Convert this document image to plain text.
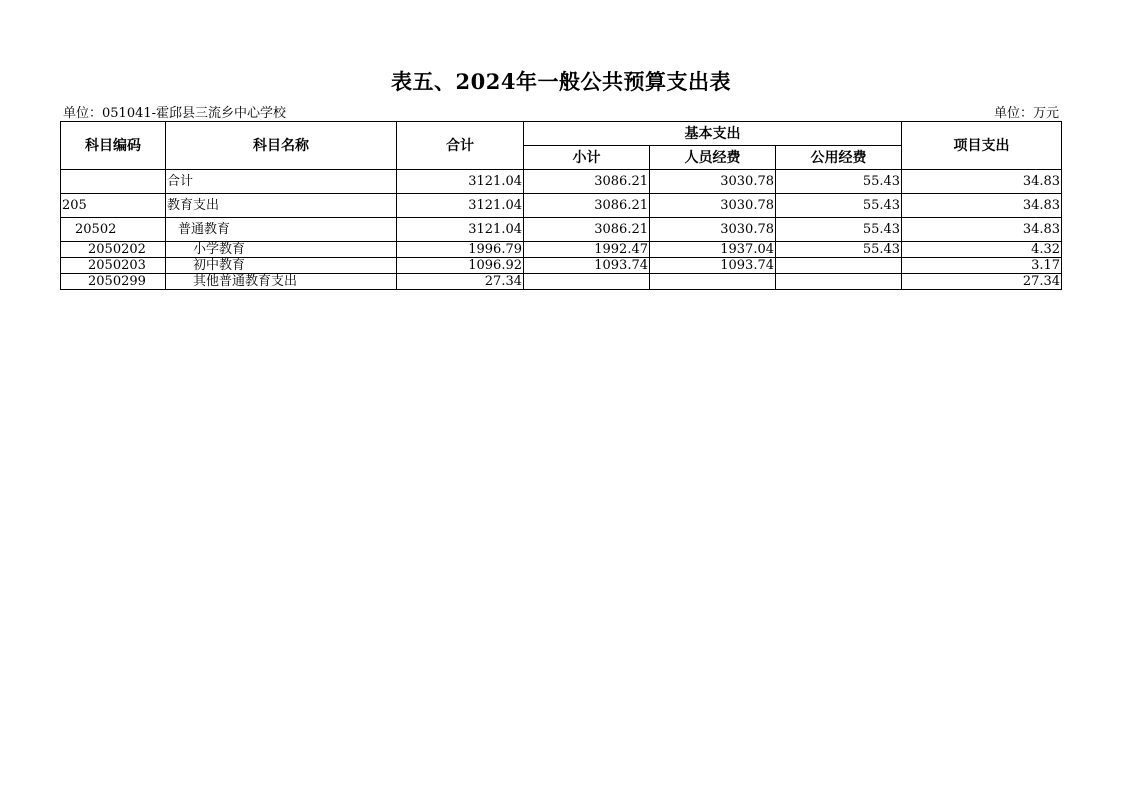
表五、2024年一般公共预算支出表
单位：051041-霍邱县三流乡中心学校	单位：万元
科目编码	科目名称	合计	基本支出			项目支出
			小计	人员经费	公用经费	
	合计	3121.04	3086.21	3030.78	55.43	34.83
205	教育支出	3121.04	3086.21	3030.78	55.43	34.83
20502	普通教育	3121.04	3086.21	3030.78	55.43	34.83
2050202	小学教育	1996.79	1992.47	1937.04	55.43	4.32
2050203	初中教育	1096.92	1093.74	1093.74		3.17
2050299	其他普通教育支出	27.34				27.34
